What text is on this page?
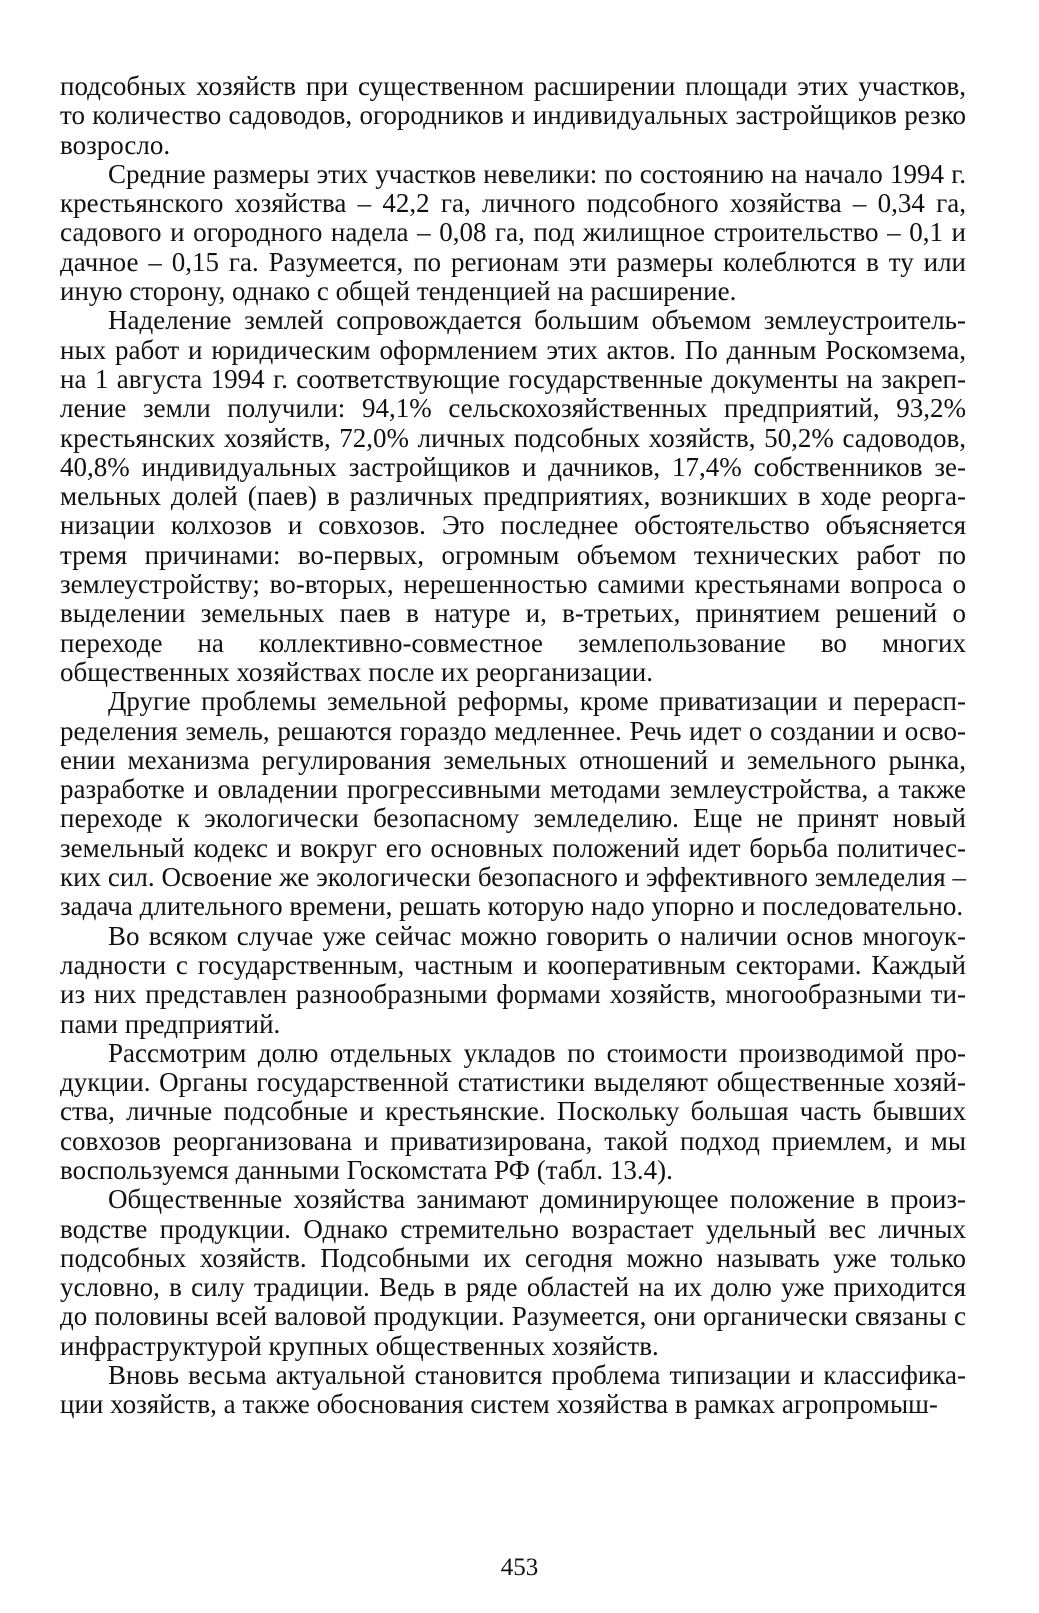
подсобных хозяйств при существенном расширении площади этих участков, то количество садоводов, огородников и индивидуальных застройщиков резко возросло.

Средние размеры этих участков невелики: по состоянию на начало 1994 г. крестьянского хозяйства – 42,2 га, личного подсобного хозяйства – 0,34 га, садового и огородного надела – 0,08 га, под жилищное строительство – 0,1 и дачное – 0,15 га. Разумеется, по регионам эти размеры колеблются в ту или иную сторону, однако с общей тенденцией на расширение.

Наделение землей сопровождается большим объемом землеустроительных работ и юридическим оформлением этих актов. По данным Роскомзема, на 1 августа 1994 г. соответствующие государственные документы на закрепление земли получили: 94,1% сельскохозяйственных предприятий, 93,2% крестьянских хозяйств, 72,0% личных подсобных хозяйств, 50,2% садоводов, 40,8% индивидуальных застройщиков и дачников, 17,4% собственников земельных долей (паев) в различных предприятиях, возникших в ходе реорганизации колхозов и совхозов. Это последнее обстоятельство объясняется тремя причинами: во-первых, огромным объемом технических работ по землеустройству; во-вторых, нерешенностью самими крестьянами вопроса о выделении земельных паев в натуре и, в-третьих, принятием решений о переходе на коллективно-совместное землепользование во многих общественных хозяйствах после их реорганизации.

Другие проблемы земельной реформы, кроме приватизации и перераспределения земель, решаются гораздо медленнее. Речь идет о создании и освоении механизма регулирования земельных отношений и земельного рынка, разработке и овладении прогрессивными методами землеустройства, а также переходе к экологически безопасному земледелию. Еще не принят новый земельный кодекс и вокруг его основных положений идет борьба политических сил. Освоение же экологически безопасного и эффективного земледелия – задача длительного времени, решать которую надо упорно и последовательно.

Во всяком случае уже сейчас можно говорить о наличии основ многоукладности с государственным, частным и кооперативным секторами. Каждый из них представлен разнообразными формами хозяйств, многообразными типами предприятий.

Рассмотрим долю отдельных укладов по стоимости производимой продукции. Органы государственной статистики выделяют общественные хозяйства, личные подсобные и крестьянские. Поскольку большая часть бывших совхозов реорганизована и приватизирована, такой подход приемлем, и мы воспользуемся данными Госкомстата РФ (табл. 13.4).

Общественные хозяйства занимают доминирующее положение в производстве продукции. Однако стремительно возрастает удельный вес личных подсобных хозяйств. Подсобными их сегодня можно называть уже только условно, в силу традиции. Ведь в ряде областей на их долю уже приходится до половины всей валовой продукции. Разумеется, они органически связаны с инфраструктурой крупных общественных хозяйств.

Вновь весьма актуальной становится проблема типизации и классификации хозяйств, а также обоснования систем хозяйства в рамках агропромыш-

453
